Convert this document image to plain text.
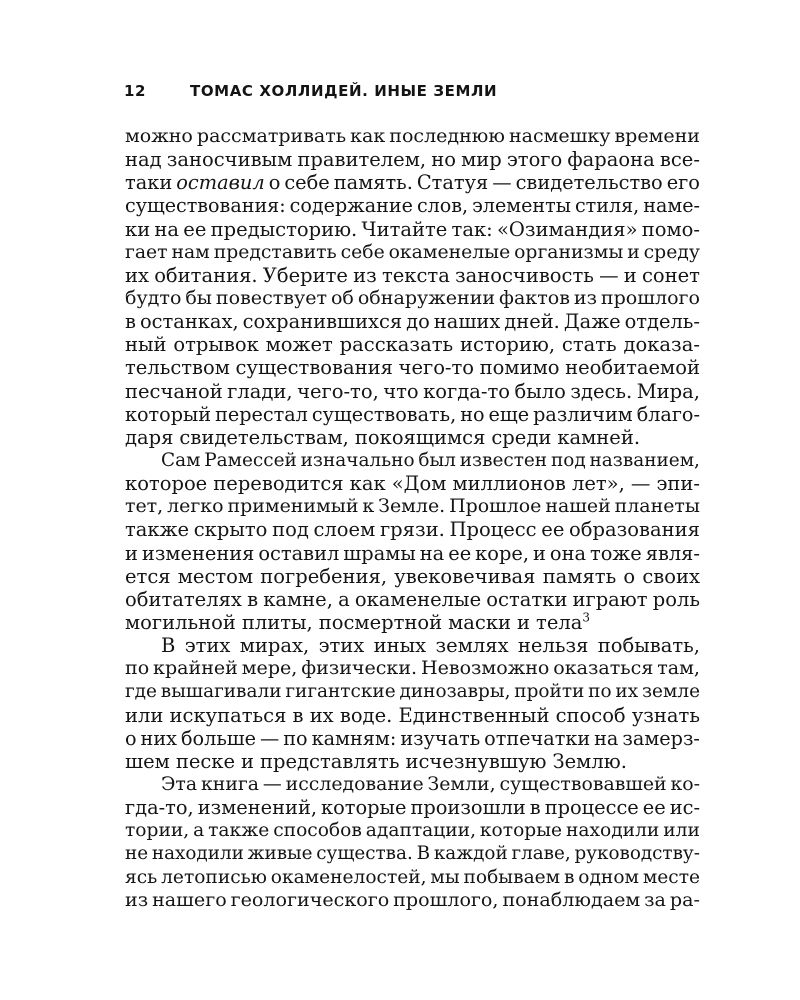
12	ТОМАС ХОЛЛИДЕЙ. ИНЫЕ ЗЕМЛИ
можно рассматривать как последнюю насмешку времени
над заносчивым правителем, но мир этого фараона все-
таки оставил о себе память. Статуя — свидетельство его
существования: содержание слов, элементы стиля, наме-
ки на ее предысторию. Читайте так: «Озимандия» помо-
гает нам представить себе окаменелые организмы и среду
их обитания. Уберите из текста заносчивость — и сонет
будто бы повествует об обнаружении фактов из прошлого
в останках, сохранившихся до наших дней. Даже отдель-
ный отрывок может рассказать историю, стать доказа-
тельством существования чего-то помимо необитаемой
песчаной глади, чего-то, что когда-то было здесь. Мира,
который перестал существовать, но еще различим благо-
даря свидетельствам, покоящимся среди камней.
Сам Рамессей изначально был известен под названием,
которое переводится как «Дом миллионов лет», — эпи-
тет, легко применимый к Земле. Прошлое нашей планеты
также скрыто под слоем грязи. Процесс ее образования
и изменения оставил шрамы на ее коре, и она тоже явля-
ется местом погребения, увековечивая память о своих
обитателях в камне, а окаменелые остатки играют роль
могильной плиты, посмертной маски и тела$^3$
В этих мирах, этих иных землях нельзя побывать,
по крайней мере, физически. Невозможно оказаться там,
где вышагивали гигантские динозавры, пройти по их земле
или искупаться в их воде. Единственный способ узнать
о них больше — по камням: изучать отпечатки на замерз-
шем песке и представлять исчезнувшую Землю.
Эта книга — исследование Земли, существовавшей ко-
гда-то, изменений, которые произошли в процессе ее ис-
тории, а также способов адаптации, которые находили или
не находили живые существа. В каждой главе, руководству-
ясь летописью окаменелостей, мы побываем в одном месте
из нашего геологического прошлого, понаблюдаем за ра-
